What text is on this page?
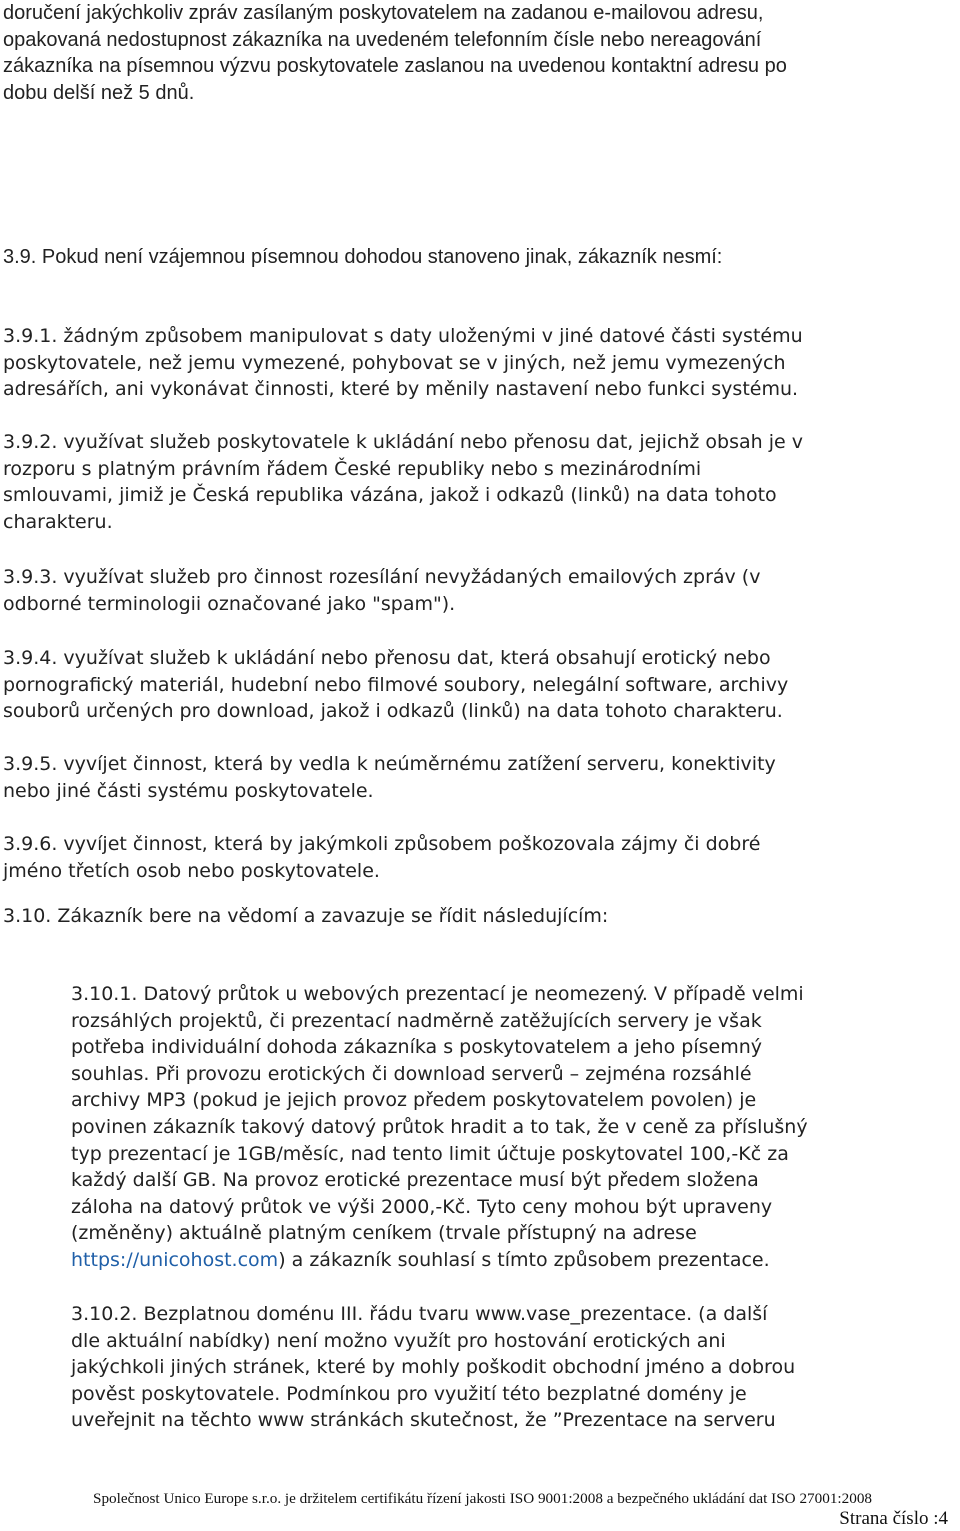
doručení jakýchkoliv zpráv zasílaným poskytovatelem na zadanou e-mailovou adresu,
opakovaná nedostupnost zákazníka na uvedeném telefonním čísle nebo nereagování
zákazníka na písemnou výzvu poskytovatele zaslanou na uvedenou kontaktní adresu po
dobu delší než 5 dnů.
3.9. Pokud není vzájemnou písemnou dohodou stanoveno jinak, zákazník nesmí:
3.9.1. žádným způsobem manipulovat s daty uloženými v jiné datové části systému
poskytovatele, než jemu vymezené, pohybovat se v jiných, než jemu vymezených
adresářích, ani vykonávat činnosti, které by měnily nastavení nebo funkci systému.
3.9.2. využívat služeb poskytovatele k ukládání nebo přenosu dat, jejichž obsah je v
rozporu s platným právním řádem České republiky nebo s mezinárodními
smlouvami, jimiž je Česká republika vázána, jakož i odkazů (linků) na data tohoto
charakteru.
3.9.3. využívat služeb pro činnost rozesílání nevyžádaných emailových zpráv (v
odborné terminologii označované jako "spam").
3.9.4. využívat služeb k ukládání nebo přenosu dat, která obsahují erotický nebo
pornografický materiál, hudební nebo filmové soubory, nelegální software, archivy
souborů určených pro download, jakož i odkazů (linků) na data tohoto charakteru.
3.9.5. vyvíjet činnost, která by vedla k neúměrnému zatížení serveru, konektivity
nebo jiné části systému poskytovatele.
3.9.6. vyvíjet činnost, která by jakýmkoli způsobem poškozovala zájmy či dobré
jméno třetích osob nebo poskytovatele.
3.10. Zákazník bere na vědomí a zavazuje se řídit následujícím:
3.10.1. Datový průtok u webových prezentací je neomezený. V případě velmi
rozsáhlých projektů, či prezentací nadměrně zatěžujících servery je však
potřeba individuální dohoda zákazníka s poskytovatelem a jeho písemný
souhlas. Při provozu erotických či download serverů – zejména rozsáhlé
archivy MP3 (pokud je jejich provoz předem poskytovatelem povolen) je
povinen zákazník takový datový průtok hradit a to tak, že v ceně za příslušný
typ prezentací je 1GB/měsíc, nad tento limit účtuje poskytovatel 100,-Kč za
každý další GB. Na provoz erotické prezentace musí být předem složena
záloha na datový průtok ve výši 2000,-Kč. Tyto ceny mohou být upraveny
(změněny) aktuálně platným ceníkem (trvale přístupný na adrese
https://unicohost.com) a zákazník souhlasí s tímto způsobem prezentace.
3.10.2. Bezplatnou doménu III. řádu tvaru www.vase_prezentace. (a další
dle aktuální nabídky) není možno využít pro hostování erotických ani
jakýchkoli jiných stránek, které by mohly poškodit obchodní jméno a dobrou
pověst poskytovatele. Podmínkou pro využití této bezplatné domény je
uveřejnit na těchto www stránkách skutečnost, že ”Prezentace na serveru
Společnost Unico Europe s.r.o. je držitelem certifikátu řízení jakosti ISO 9001:2008 a bezpečného ukládání dat ISO 27001:2008
Strana číslo :4
